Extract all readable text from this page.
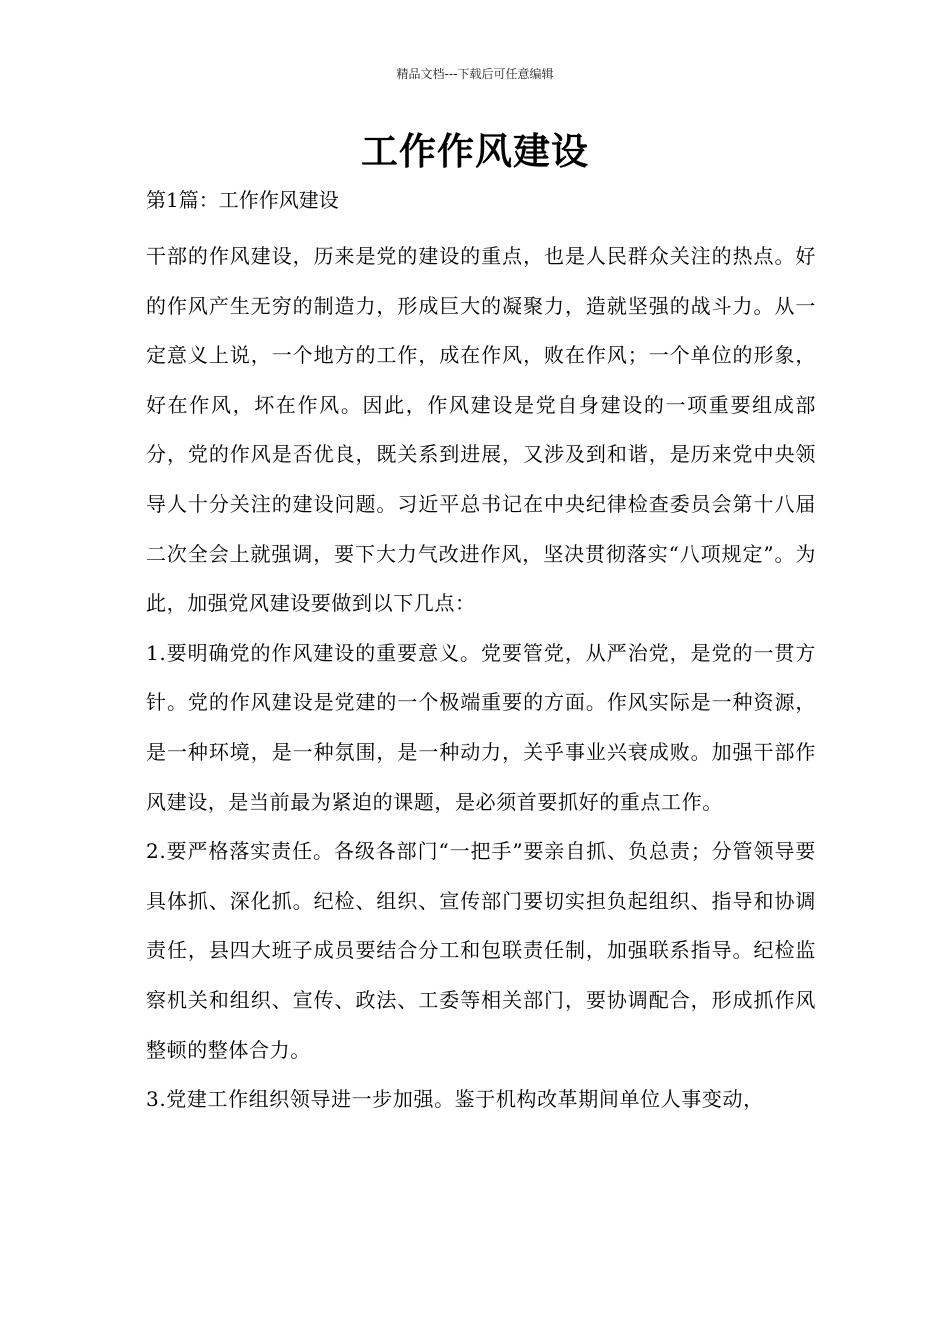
精品文档---下载后可任意编辑
工作作风建设
第1篇：工作作风建设

干部的作风建设，历来是党的建设的重点，也是人民群众关注的热点。好的作风产生无穷的制造力，形成巨大的凝聚力，造就坚强的战斗力。从一定意义上说，一个地方的工作，成在作风，败在作风；一个单位的形象，好在作风，坏在作风。因此，作风建设是党自身建设的一项重要组成部分，党的作风是否优良，既关系到进展，又涉及到和谐，是历来党中央领导人十分关注的建设问题。习近平总书记在中央纪律检查委员会第十八届二次全会上就强调，要下大力气改进作风，坚决贯彻落实“八项规定”。为此，加强党风建设要做到以下几点：

1.要明确党的作风建设的重要意义。党要管党，从严治党，是党的一贯方针。党的作风建设是党建的一个极端重要的方面。作风实际是一种资源，是一种环境，是一种氛围，是一种动力，关乎事业兴衰成败。加强干部作风建设，是当前最为紧迫的课题，是必须首要抓好的重点工作。

2.要严格落实责任。各级各部门“一把手”要亲自抓、负总责；分管领导要具体抓、深化抓。纪检、组织、宣传部门要切实担负起组织、指导和协调责任，县四大班子成员要结合分工和包联责任制，加强联系指导。纪检监察机关和组织、宣传、政法、工委等相关部门，要协调配合，形成抓作风整顿的整体合力。

3.党建工作组织领导进一步加强。鉴于机构改革期间单位人事变动，
